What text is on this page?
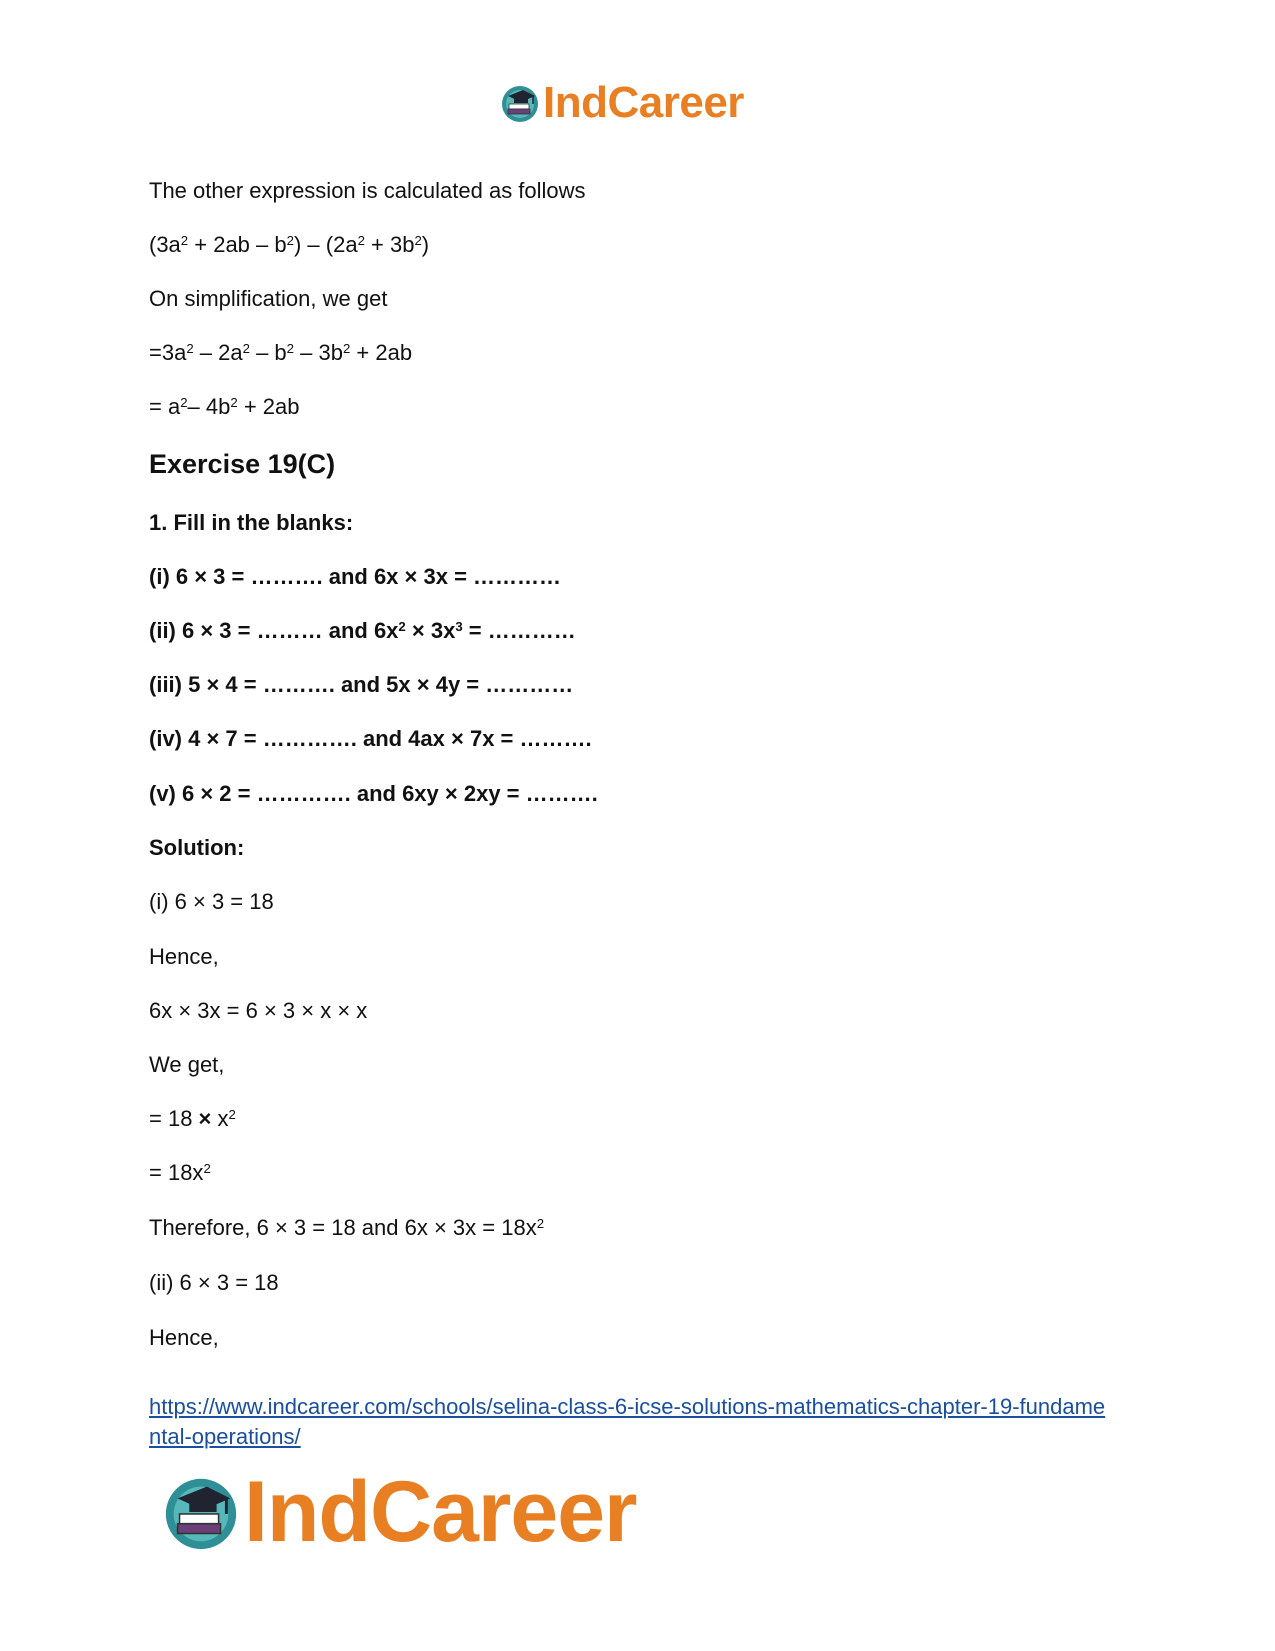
IndCareer
The other expression is calculated as follows
$(3a^2 + 2ab - b^2) - (2a^2 + 3b^2)$
On simplification, we get
$=3a^2 - 2a^2 - b^2 - 3b^2 + 2ab$
= $a^2-$ $4b^2 + 2ab$
Exercise 19(C)
1. Fill in the blanks:
(i) 6 × 3 = ………. and 6x × 3x = …………
(ii) 6 × 3 = ……… and $6x^2 \times 3x^3$ = …………
(iii) 5 × 4 = ………. and 5x × 4y = …………
(iv) 4 × 7 = …………. and 4ax × 7x = ……….
(v) 6 × 2 = …………. and 6xy × 2xy = ……….
Solution:
(i) 6 × 3 = 18
Hence,
6x × 3x = 6 × 3 × x × x
We get,
= $18 \times x^2$
= $18x^2$
Therefore, 6 × 3 = 18 and $6x \times 3x = 18x^2$
(ii) 6 × 3 = 18
Hence,
https://www.indcareer.com/schools/selina-class-6-icse-solutions-mathematics-chapter-19-fundamental-operations/
IndCareer
